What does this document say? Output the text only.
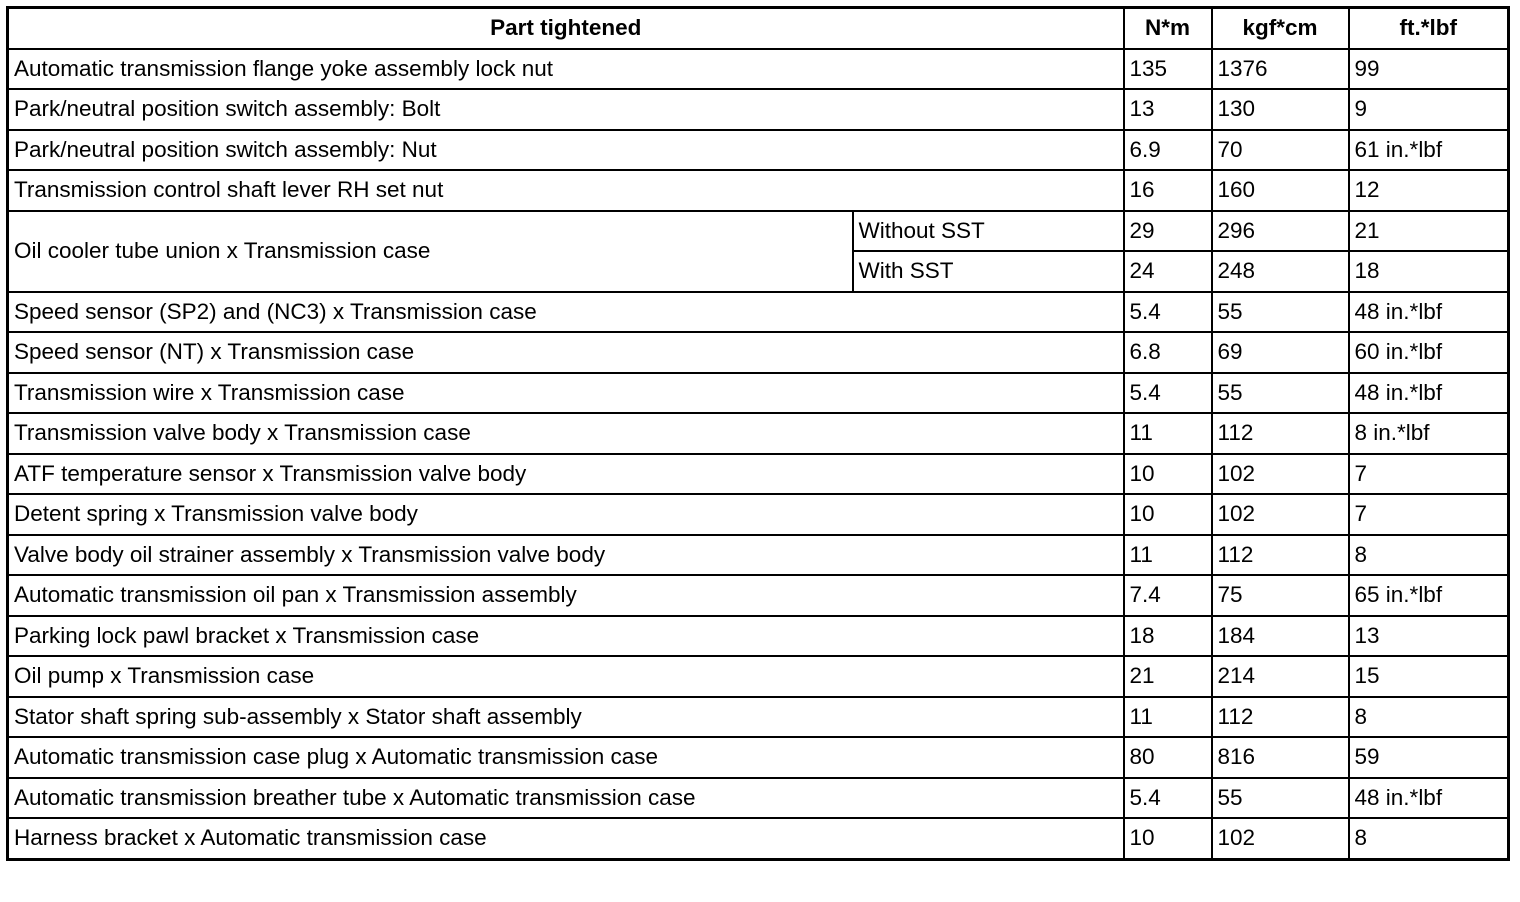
Part tightened		N*m	kgf*cm	ft.*lbf
Automatic transmission flange yoke assembly lock nut		135	1376	99
Park/neutral position switch assembly: Bolt		13	130	9
Park/neutral position switch assembly: Nut		6.9	70	61 in.*lbf
Transmission control shaft lever RH set nut		16	160	12
Oil cooler tube union x Transmission case	Without SST	29	296	21
	With SST	24	248	18
Speed sensor (SP2) and (NC3) x Transmission case		5.4	55	48 in.*lbf
Speed sensor (NT) x Transmission case		6.8	69	60 in.*lbf
Transmission wire x Transmission case		5.4	55	48 in.*lbf
Transmission valve body x Transmission case		11	112	8 in.*lbf
ATF temperature sensor x Transmission valve body		10	102	7
Detent spring x Transmission valve body		10	102	7
Valve body oil strainer assembly x Transmission valve body		11	112	8
Automatic transmission oil pan x Transmission assembly		7.4	75	65 in.*lbf
Parking lock pawl bracket x Transmission case		18	184	13
Oil pump x Transmission case		21	214	15
Stator shaft spring sub-assembly x Stator shaft assembly		11	112	8
Automatic transmission case plug x Automatic transmission case		80	816	59
Automatic transmission breather tube x Automatic transmission case		5.4	55	48 in.*lbf
Harness bracket x Automatic transmission case		10	102	8
